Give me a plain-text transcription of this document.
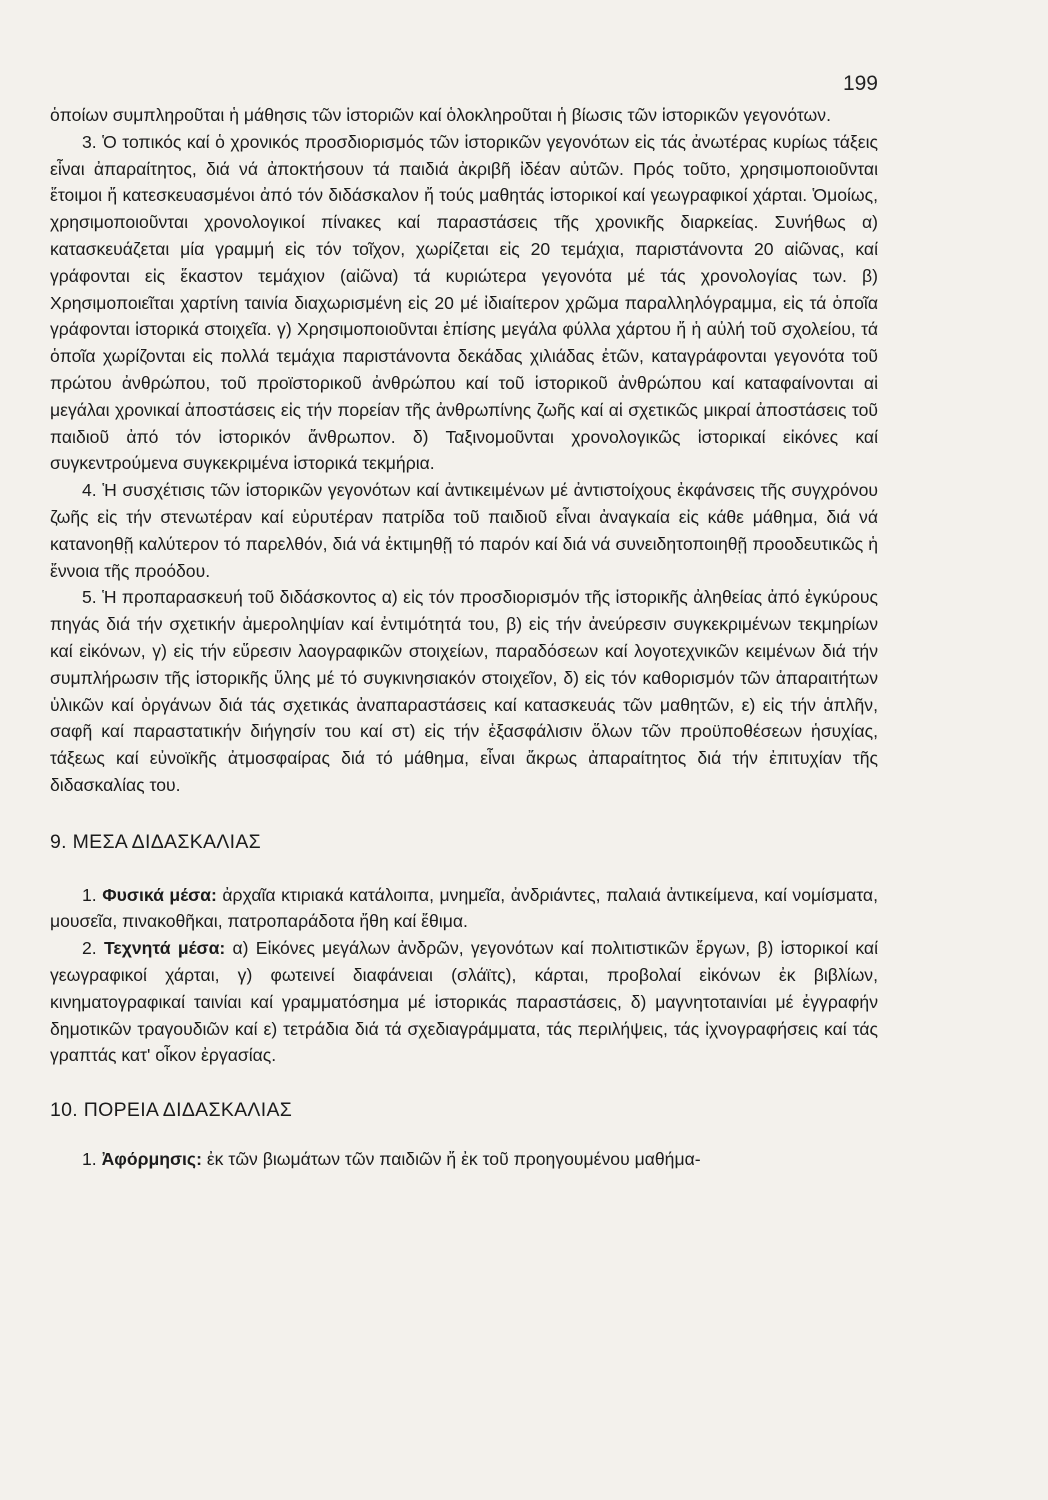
199

ὁποίων συμπληροῦται ἡ μάθησις τῶν ἱστοριῶν καί ὁλοκληροῦται ἡ βίωσις τῶν ἱστορικῶν γεγονότων.

3. Ὁ τοπικός καί ὁ χρονικός προσδιορισμός τῶν ἱστορικῶν γεγονότων εἰς τάς ἀνωτέρας κυρίως τάξεις εἶναι ἀπαραίτητος, διά νά ἀποκτήσουν τά παιδιά ἀκριβῆ ἰδέαν αὐτῶν. Πρός τοῦτο, χρησιμοποιοῦνται ἕτοιμοι ἤ κατεσκευασμένοι ἀπό τόν διδάσκαλον ἤ τούς μαθητάς ἱστορικοί καί γεωγραφικοί χάρται. Ὁμοίως, χρησιμοποιοῦνται χρονολογικοί πίνακες καί παραστάσεις τῆς χρονικῆς διαρκείας. Συνήθως α) κατασκευάζεται μία γραμμή εἰς τόν τοῖχον, χωρίζεται εἰς 20 τεμάχια, παριστάνοντα 20 αἰῶνας, καί γράφονται εἰς ἕκαστον τεμάχιον (αἰῶνα) τά κυριώτερα γεγονότα μέ τάς χρονολογίας των. β) Χρησιμοποιεῖται χαρτίνη ταινία διαχωρισμένη εἰς 20 μέ ἰδιαίτερον χρῶμα παραλληλόγραμμα, εἰς τά ὁποῖα γράφονται ἱστορικά στοιχεῖα. γ) Χρησιμοποιοῦνται ἐπίσης μεγάλα φύλλα χάρτου ἤ ἡ αὐλή τοῦ σχολείου, τά ὁποῖα χωρίζονται εἰς πολλά τεμάχια παριστάνοντα δεκάδας χιλιάδας ἐτῶν, καταγράφονται γεγονότα τοῦ πρώτου ἀνθρώπου, τοῦ προϊστορικοῦ ἀνθρώπου καί τοῦ ἱστορικοῦ ἀνθρώπου καί καταφαίνονται αἱ μεγάλαι χρονικαί ἀποστάσεις εἰς τήν πορείαν τῆς ἀνθρωπίνης ζωῆς καί αἱ σχετικῶς μικραί ἀποστάσεις τοῦ παιδιοῦ ἀπό τόν ἱστορικόν ἄνθρωπον. δ) Ταξινομοῦνται χρονολογικῶς ἱστορικαί εἰκόνες καί συγκεντρούμενα συγκεκριμένα ἱστορικά τεκμήρια.

4. Ἡ συσχέτισις τῶν ἱστορικῶν γεγονότων καί ἀντικειμένων μέ ἀντιστοίχους ἐκφάνσεις τῆς συγχρόνου ζωῆς εἰς τήν στενωτέραν καί εὐρυτέραν πατρίδα τοῦ παιδιοῦ εἶναι ἀναγκαία εἰς κάθε μάθημα, διά νά κατανοηθῇ καλύτερον τό παρελθόν, διά νά ἐκτιμηθῇ τό παρόν καί διά νά συνειδητοποιηθῇ προοδευτικῶς ἡ ἔννοια τῆς προόδου.

5. Ἡ προπαρασκευή τοῦ διδάσκοντος α) εἰς τόν προσδιορισμόν τῆς ἱστορικῆς ἀληθείας ἀπό ἐγκύρους πηγάς διά τήν σχετικήν ἀμεροληψίαν καί ἐντιμότητά του, β) εἰς τήν ἀνεύρεσιν συγκεκριμένων τεκμηρίων καί εἰκόνων, γ) εἰς τήν εὕρεσιν λαογραφικῶν στοιχείων, παραδόσεων καί λογοτεχνικῶν κειμένων διά τήν συμπλήρωσιν τῆς ἱστορικῆς ὕλης μέ τό συγκινησιακόν στοιχεῖον, δ) εἰς τόν καθορισμόν τῶν ἀπαραιτήτων ὑλικῶν καί ὀργάνων διά τάς σχετικάς ἀναπαραστάσεις καί κατασκευάς τῶν μαθητῶν, ε) εἰς τήν ἁπλῆν, σαφῆ καί παραστατικήν διήγησίν του καί στ) εἰς τήν ἐξασφάλισιν ὅλων τῶν προϋποθέσεων ἡσυχίας, τάξεως καί εὐνοϊκῆς ἀτμοσφαίρας διά τό μάθημα, εἶναι ἄκρως ἀπαραίτητος διά τήν ἐπιτυχίαν τῆς διδασκαλίας του.

9. ΜΕΣΑ ΔΙΔΑΣΚΑΛΙΑΣ

1. Φυσικά μέσα: ἀρχαῖα κτιριακά κατάλοιπα, μνημεῖα, ἀνδριάντες, παλαιά ἀντικείμενα, καί νομίσματα, μουσεῖα, πινακοθῆκαι, πατροπαράδοτα ἤθη καί ἔθιμα.

2. Τεχνητά μέσα: α) Εἰκόνες μεγάλων ἀνδρῶν, γεγονότων καί πολιτιστικῶν ἔργων, β) ἱστορικοί καί γεωγραφικοί χάρται, γ) φωτεινεί διαφάνειαι (σλάϊτς), κάρται, προβολαί εἰκόνων ἐκ βιβλίων, κινηματογραφικαί ταινίαι καί γραμματόσημα μέ ἱστορικάς παραστάσεις, δ) μαγνητοταινίαι μέ ἐγγραφήν δημοτικῶν τραγουδιῶν καί ε) τετράδια διά τά σχεδιαγράμματα, τάς περιλήψεις, τάς ἰχνογραφήσεις καί τάς γραπτάς κατ' οἶκον ἐργασίας.

10. ΠΟΡΕΙΑ ΔΙΔΑΣΚΑΛΙΑΣ

1. Ἀφόρμησις: ἐκ τῶν βιωμάτων τῶν παιδιῶν ἤ ἐκ τοῦ προηγουμένου μαθήμα-
